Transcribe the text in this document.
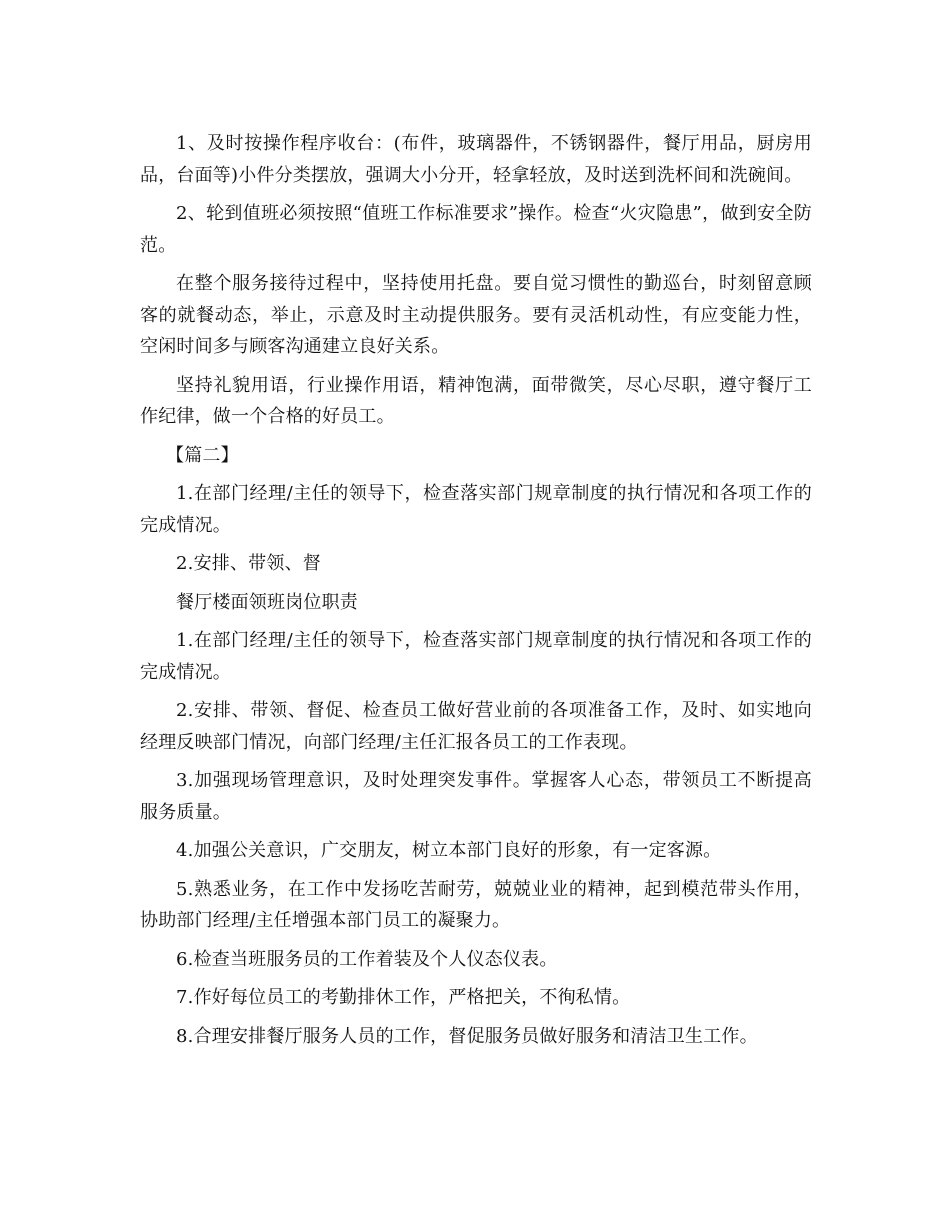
1、及时按操作程序收台：(布件，玻璃器件，不锈钢器件，餐厅用品，厨房用品，台面等)小件分类摆放，强调大小分开，轻拿轻放，及时送到洗杯间和洗碗间。

2、轮到值班必须按照“值班工作标准要求”操作。检查“火灾隐患”，做到安全防范。

在整个服务接待过程中，坚持使用托盘。要自觉习惯性的勤巡台，时刻留意顾客的就餐动态，举止，示意及时主动提供服务。要有灵活机动性，有应变能力性，空闲时间多与顾客沟通建立良好关系。

坚持礼貌用语，行业操作用语，精神饱满，面带微笑，尽心尽职，遵守餐厅工作纪律，做一个合格的好员工。

【篇二】

1.在部门经理/主任的领导下，检查落实部门规章制度的执行情况和各项工作的完成情况。

2.安排、带领、督

餐厅楼面领班岗位职责

1.在部门经理/主任的领导下，检查落实部门规章制度的执行情况和各项工作的完成情况。

2.安排、带领、督促、检查员工做好营业前的各项准备工作，及时、如实地向经理反映部门情况，向部门经理/主任汇报各员工的工作表现。

3.加强现场管理意识，及时处理突发事件。掌握客人心态，带领员工不断提高服务质量。

4.加强公关意识，广交朋友，树立本部门良好的形象，有一定客源。

5.熟悉业务，在工作中发扬吃苦耐劳，兢兢业业的精神，起到模范带头作用，协助部门经理/主任增强本部门员工的凝聚力。

6.检查当班服务员的工作着装及个人仪态仪表。

7.作好每位员工的考勤排休工作，严格把关，不徇私情。

8.合理安排餐厅服务人员的工作，督促服务员做好服务和清洁卫生工作。
